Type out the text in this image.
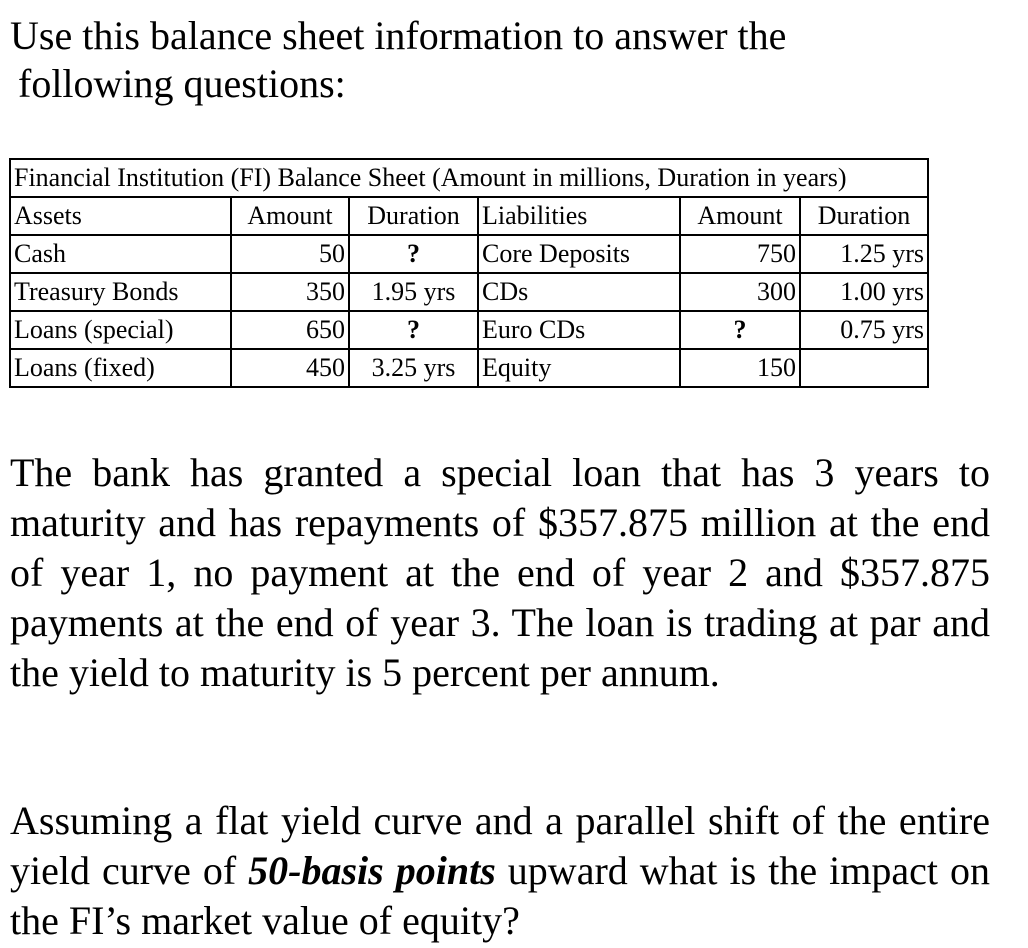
Use this balance sheet information to answer the
following questions:
Financial Institution (FI) Balance Sheet (Amount in millions, Duration in years)					
Assets	Amount	Duration	Liabilities	Amount	Duration
Cash	50	?	Core Deposits	750	1.25 yrs
Treasury Bonds	350	1.95 yrs	CDs	300	1.00 yrs
Loans (special)	650	?	Euro CDs	?	0.75 yrs
Loans (fixed)	450	3.25 yrs	Equity	150	

The bank has granted a special loan that has 3 years to maturity and has repayments of $357.875 million at the end of year 1, no payment at the end of year 2 and $357.875 payments at the end of year 3. The loan is trading at par and the yield to maturity is 5 percent per annum.

Assuming a flat yield curve and a parallel shift of the entire yield curve of 50-basis points upward what is the impact on the FI’s market value of equity?
